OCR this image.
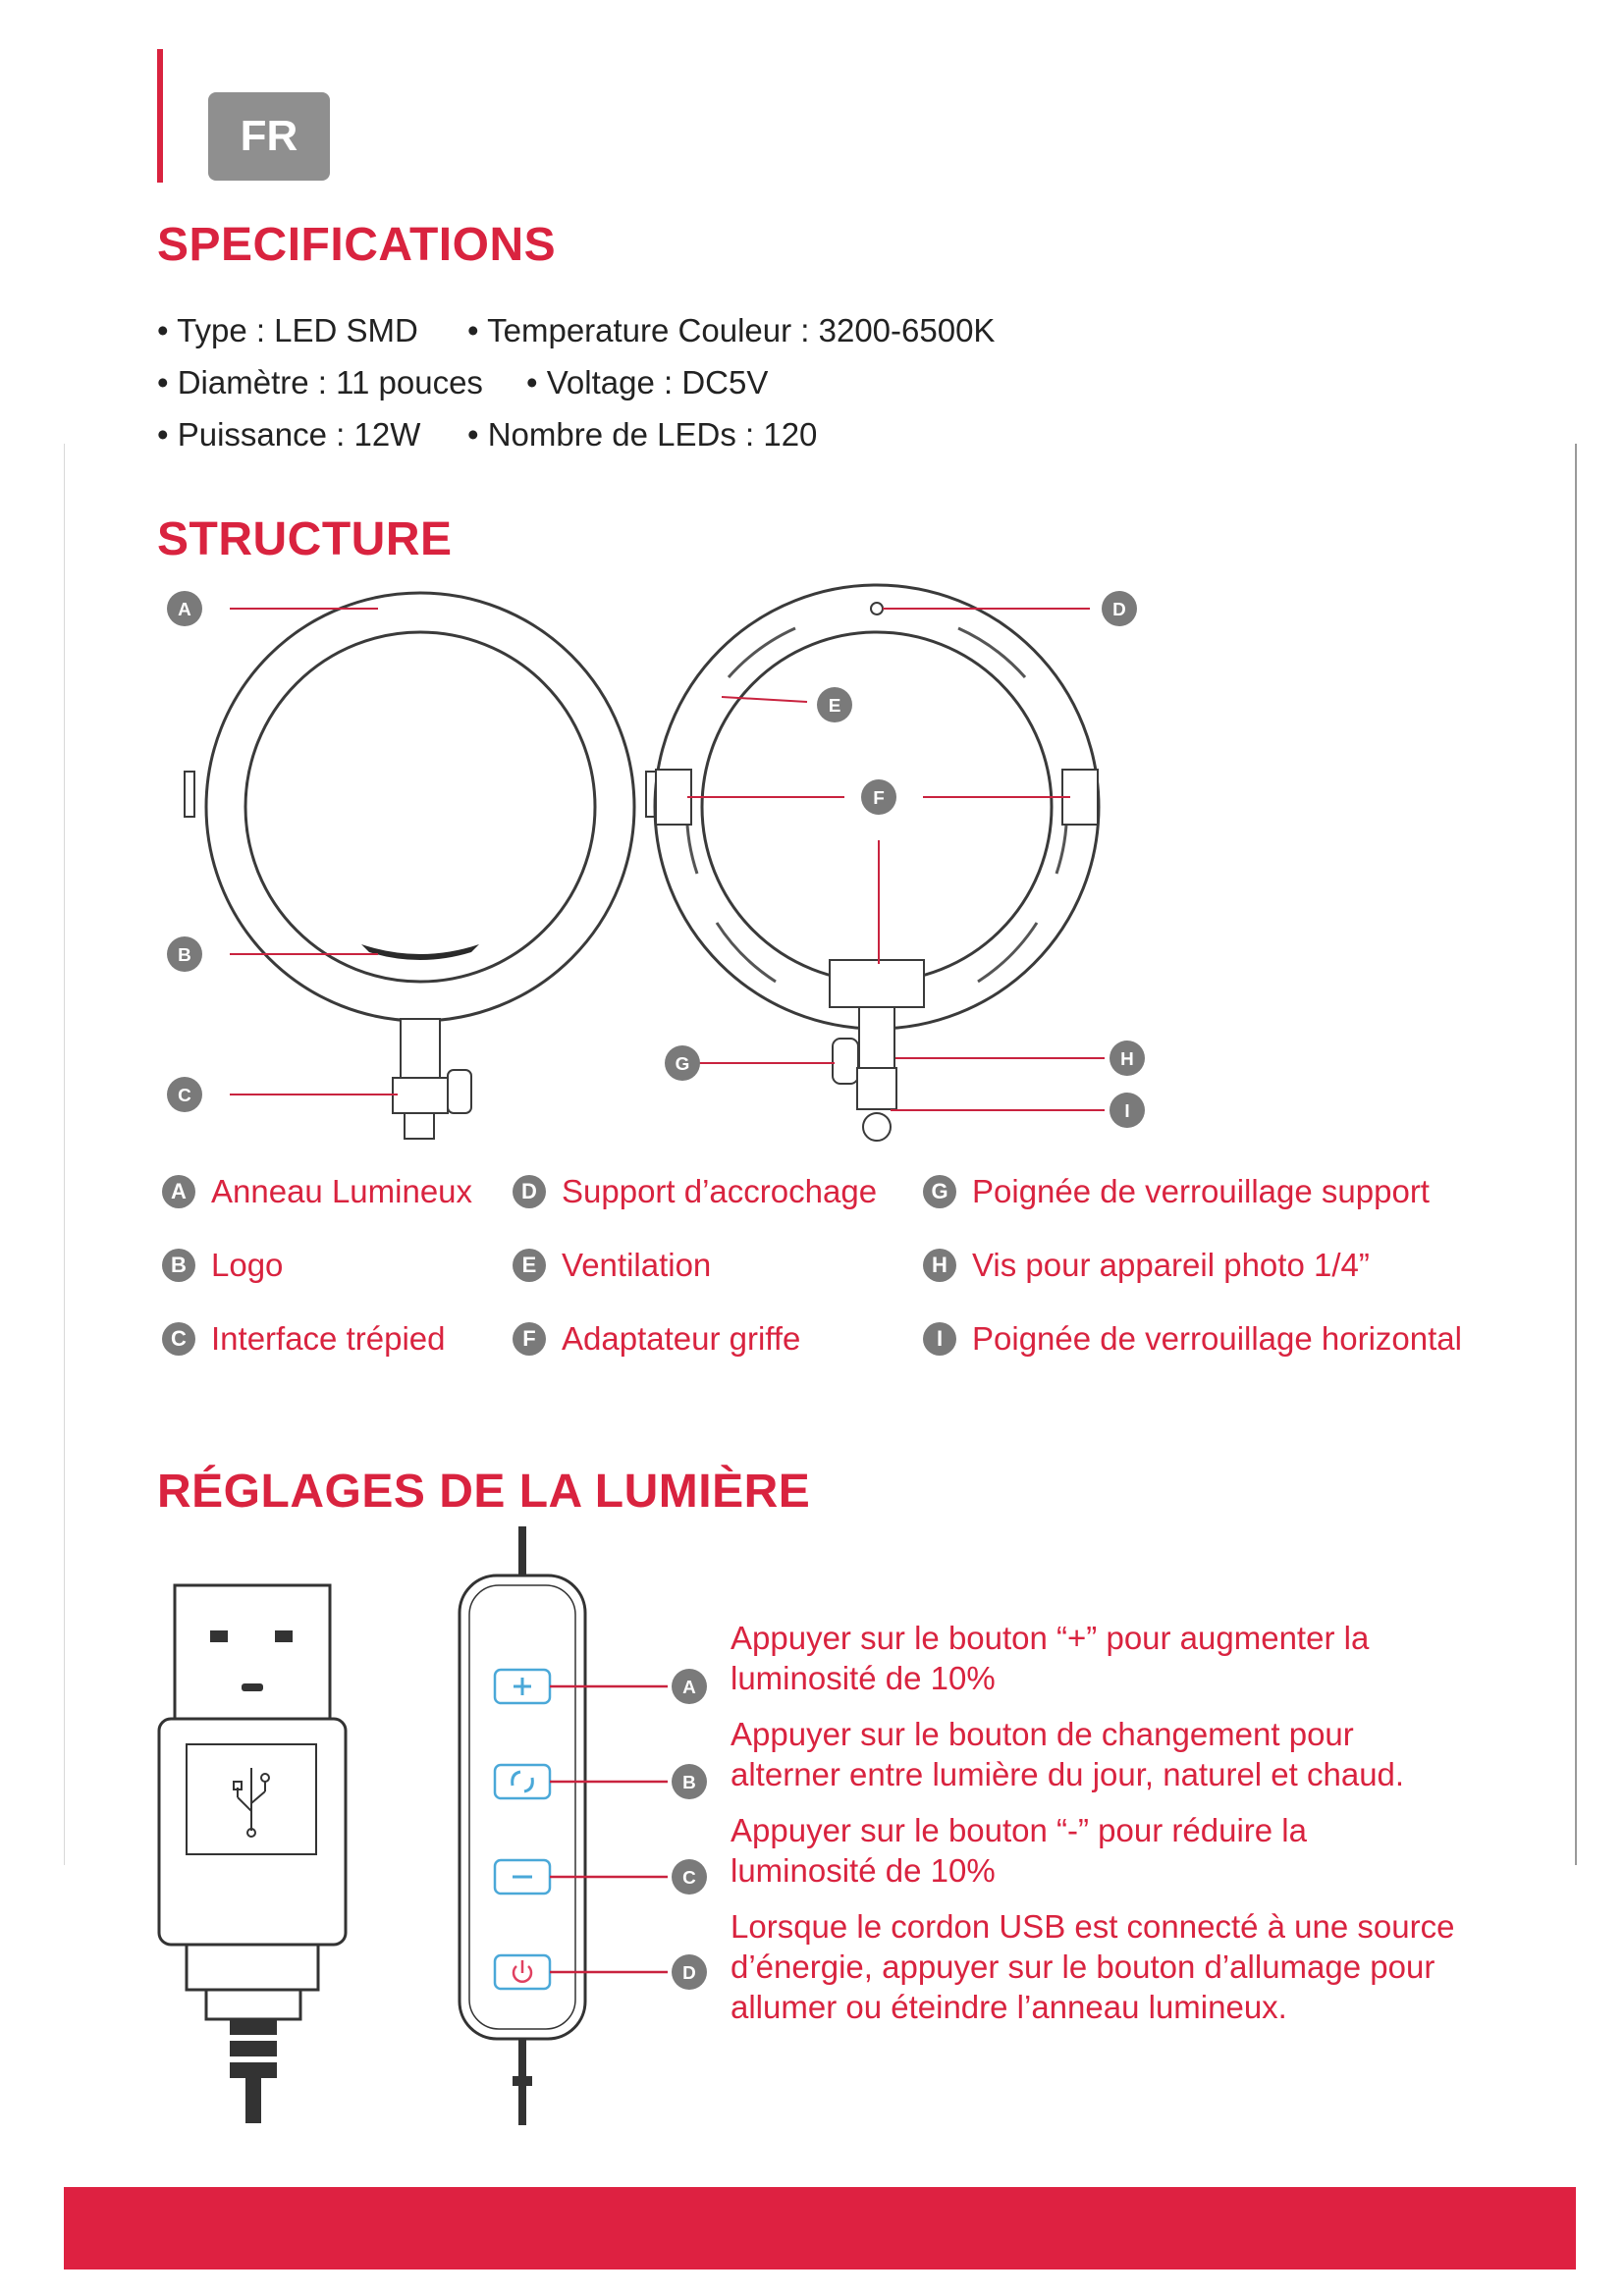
FR
SPECIFICATIONS
• Type : LED SMD • Temperature Couleur : 3200-6500K
• Diamètre : 11 pouces • Voltage : DC5V
• Puissance : 12W • Nombre de LEDs : 120
STRUCTURE
A
B
C
D
E
F
G	H
I
A Anneau Lumineux
B Logo
C Interface trépied
D Support d’accrochage
E Ventilation
F Adaptateur griffe
G Poignée de verrouillage support
H Vis pour appareil photo 1/4”
I Poignée de verrouillage horizontal
RÉGLAGES DE LA LUMIÈRE
A
B
C
D
Appuyer sur le bouton “+” pour augmenter la
luminosité de 10%
Appuyer sur le bouton de changement pour
alterner entre lumière du jour, naturel et chaud.
Appuyer sur le bouton “-” pour réduire la
luminosité de 10%
Lorsque le cordon USB est connecté à une source
d’énergie, appuyer sur le bouton d’allumage pour
allumer ou éteindre l’anneau lumineux.
